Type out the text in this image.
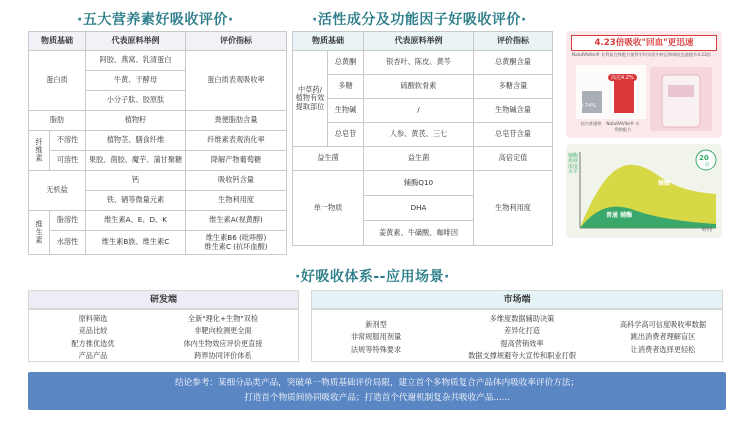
·五大营养素好吸收评价·	·活性成分及功能因子好吸收评价·
物质基础		代表原料举例	评价指标
蛋白质		阿胶、燕窝、乳清蛋白	蛋白质表观吸收率
		牛黄、干酵母	
		小分子肽、胶原肽	
脂肪		植物籽	粪便脂肪含量
纤维素	不溶性	植物茎、膳食纤维	纤维素表观消化率
	可溶性	果胶、菌胶、魔芋、蒲甘聚糖	降解产物葡萄糖
无机盐		钙	吸收钙含量
		铁、硒等微量元素	生物利用度
维生素	脂溶性	维生素A、E、D、K	维生素A(视黄醇)
	水溶性	维生素B族、维生素C	维生素B6 (吡哆醇)
维生素C (抗坏血酸)
物质基础		代表原料举例	评价指标
中草药/植物有效提取部位	总黄酮	银杏叶、陈皮、黄芩	总黄酮含量
	多糖	硫酸软骨素	多糖含量
	生物碱	/	生物碱含量
	总皂苷	人参、黄芪、三七	总皂苷含量
益生菌		益生菌	高倍定值
单一物质		辅酶Q10	生物利用度
		DHA	
		姜黄素、牛磺酸、咖啡因	
4.23倍吸收"回血"更迅速
NatuRAVite® 专利复合铁配方使得平均实验中转运和吸收迅速提升4.23倍
高达4.2%
0.74%
同为普通铁	NatuRAVite® 专利铁配方
辅酶血液浓度水平
时间
普通 辅酶
辅酶
20
倍
·好吸收体系--应用场景·
研发端
原料筛选
竞品比较
配方推优选优
产品产品
全新"理化+生物"双检
非靶向检测更全面
体内生物效应评价更直接
跨界协同评价体系
市场端
新剂型
非常规服用剂量
法规等特殊要求
多维度数据辅助决策
差异化打造
提高营销效率
数据支撑规避夸大宣传和职业打假
高科学高可信度吸收率数据
跳出消费者理解盲区
让消费者选择更轻松
结论参考：某细分品类产品，突破单一物质基础评价局限，建立首个多物质复合产品体内吸收率评价方法；
打造首个物质间协同吸收产品；打造首个代谢机制复杂共吸收产品......
